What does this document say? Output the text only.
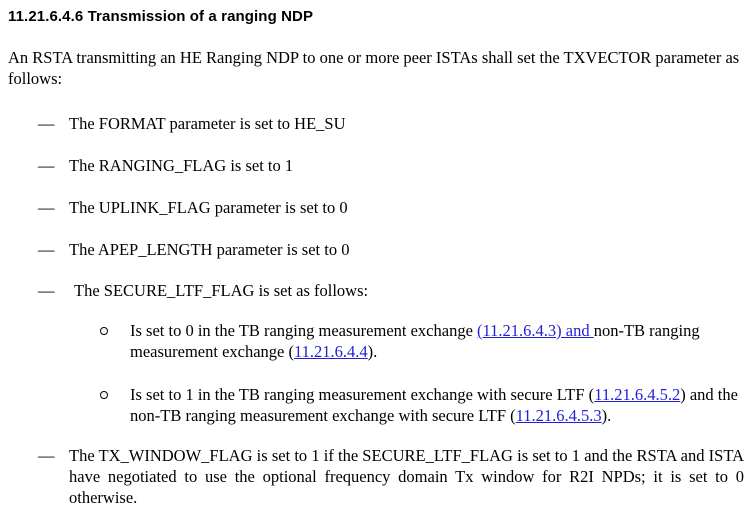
11.21.6.4.6 Transmission of a ranging NDP
An RSTA transmitting an HE Ranging NDP to one or more peer ISTAs shall set the TXVECTOR parameter as follows:
— The FORMAT parameter is set to HE_SU
— The RANGING_FLAG is set to 1
— The UPLINK_FLAG parameter is set to 0
— The APEP_LENGTH parameter is set to 0
— The SECURE_LTF_FLAG is set as follows:
Is set to 0 in the TB ranging measurement exchange (11.21.6.4.3) and non-TB ranging measurement exchange (11.21.6.4.4).
Is set to 1 in the TB ranging measurement exchange with secure LTF (11.21.6.4.5.2) and the non-TB ranging measurement exchange with secure LTF (11.21.6.4.5.3).
— The TX_WINDOW_FLAG is set to 1 if the SECURE_LTF_FLAG is set to 1 and the RSTA and ISTA have negotiated to use the optional frequency domain Tx window for R2I NPDs; it is set to 0 otherwise.
